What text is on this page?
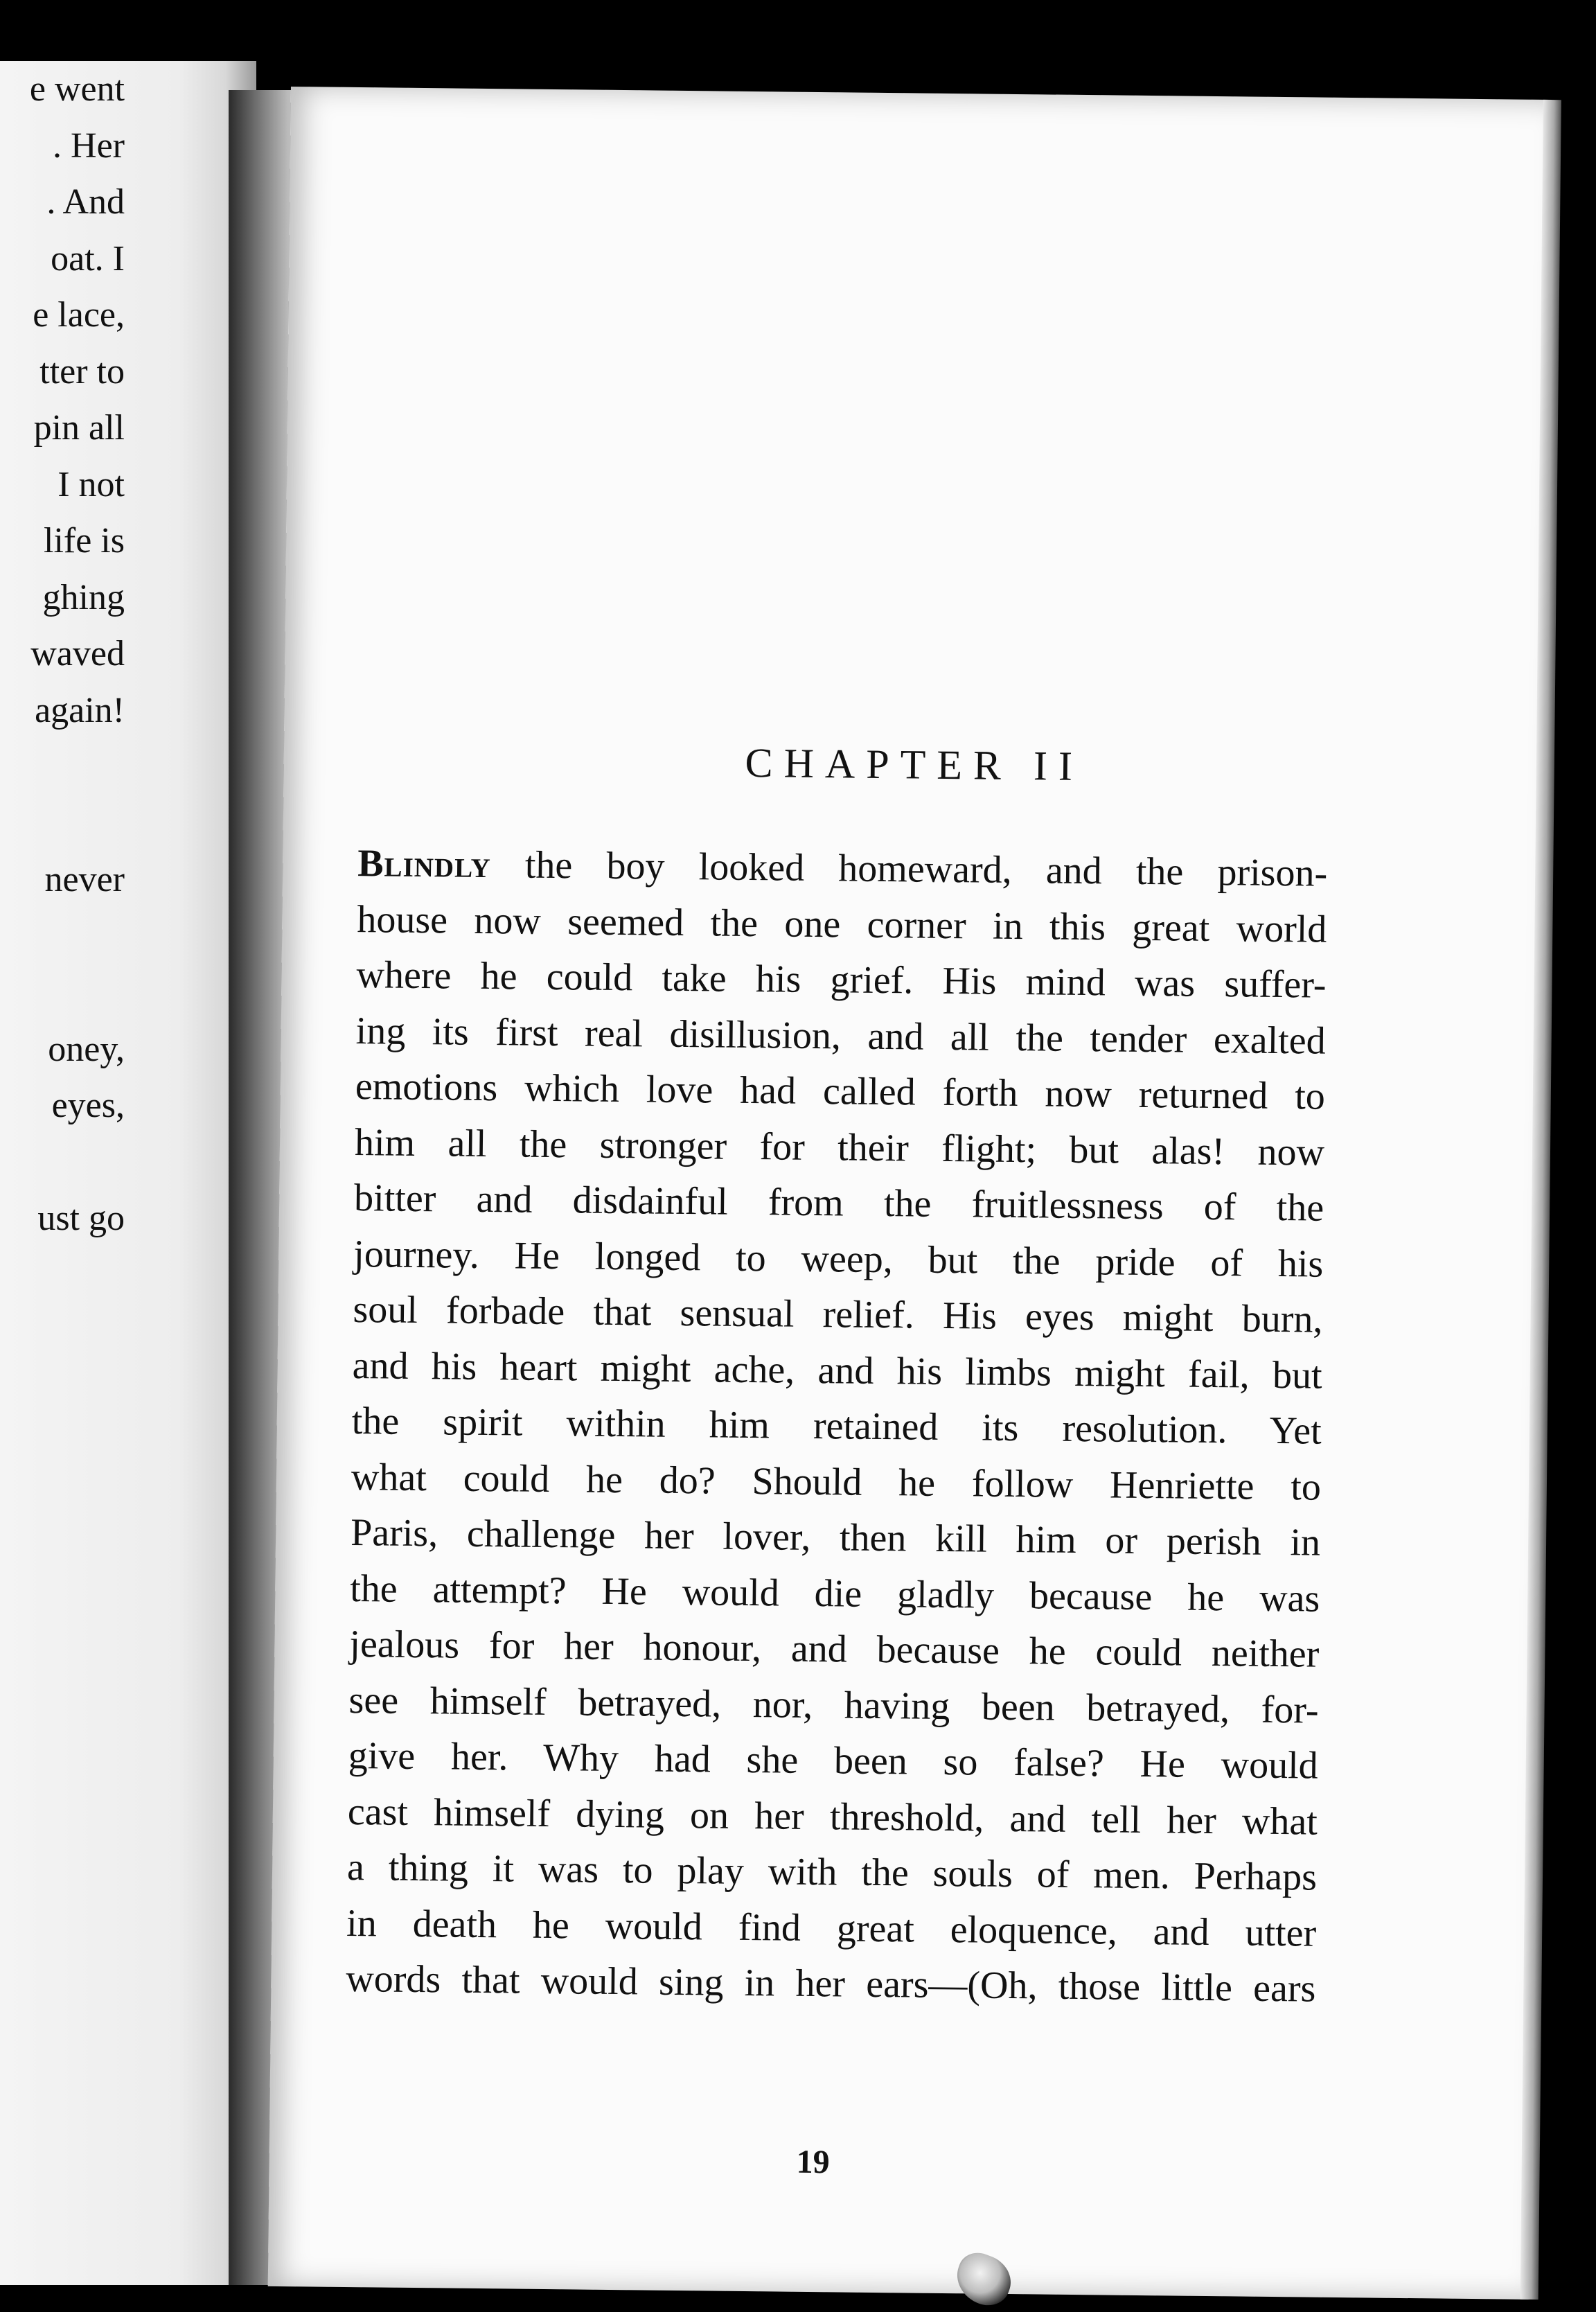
e went
. Her
. And
oat. I
e lace,
tter to
pin all
I not
life is
ghing
waved
again!
never
oney,
eyes,
ust go
CHAPTER II
Blindly the boy looked homeward, and the prison-
house now seemed the one corner in this great world
where he could take his grief. His mind was suffer-
ing its first real disillusion, and all the tender exalted
emotions which love had called forth now returned to
him all the stronger for their flight; but alas! now
bitter and disdainful from the fruitlessness of the
journey. He longed to weep, but the pride of his
soul forbade that sensual relief. His eyes might burn,
and his heart might ache, and his limbs might fail, but
the spirit within him retained its resolution. Yet
what could he do? Should he follow Henriette to
Paris, challenge her lover, then kill him or perish in
the attempt? He would die gladly because he was
jealous for her honour, and because he could neither
see himself betrayed, nor, having been betrayed, for-
give her. Why had she been so false? He would
cast himself dying on her threshold, and tell her what
a thing it was to play with the souls of men. Perhaps
in death he would find great eloquence, and utter
words that would sing in her ears—(Oh, those little ears
19
